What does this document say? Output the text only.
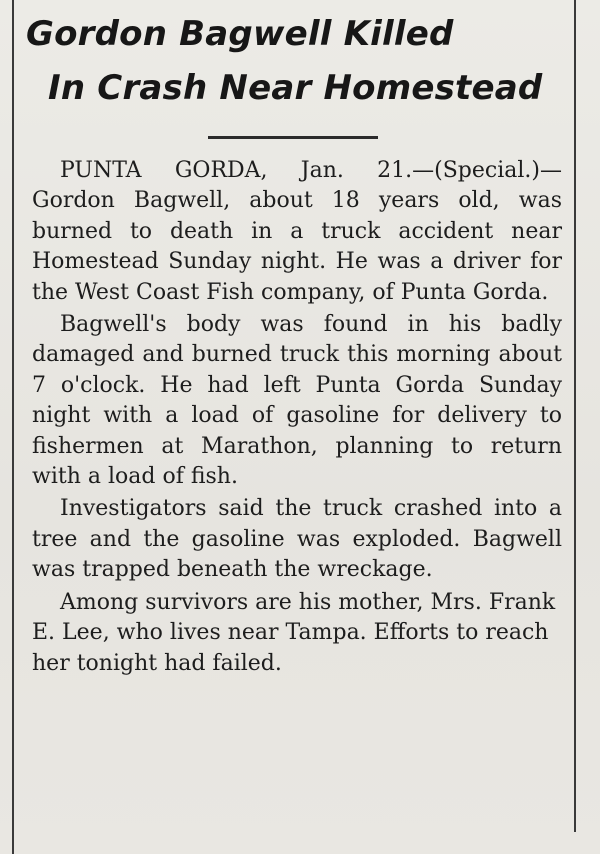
Gordon Bagwell Killed
In Crash Near Homestead

PUNTA GORDA, Jan. 21.—(Special.)—Gordon Bagwell, about 18 years old, was burned to death in a truck accident near Homestead Sunday night. He was a driver for the West Coast Fish company, of Punta Gorda.

Bagwell's body was found in his badly damaged and burned truck this morning about 7 o'clock. He had left Punta Gorda Sunday night with a load of gasoline for delivery to fishermen at Marathon, planning to return with a load of fish.

Investigators said the truck crashed into a tree and the gasoline was exploded. Bagwell was trapped beneath the wreckage.

Among survivors are his mother, Mrs. Frank E. Lee, who lives near Tampa. Efforts to reach her tonight had failed.
